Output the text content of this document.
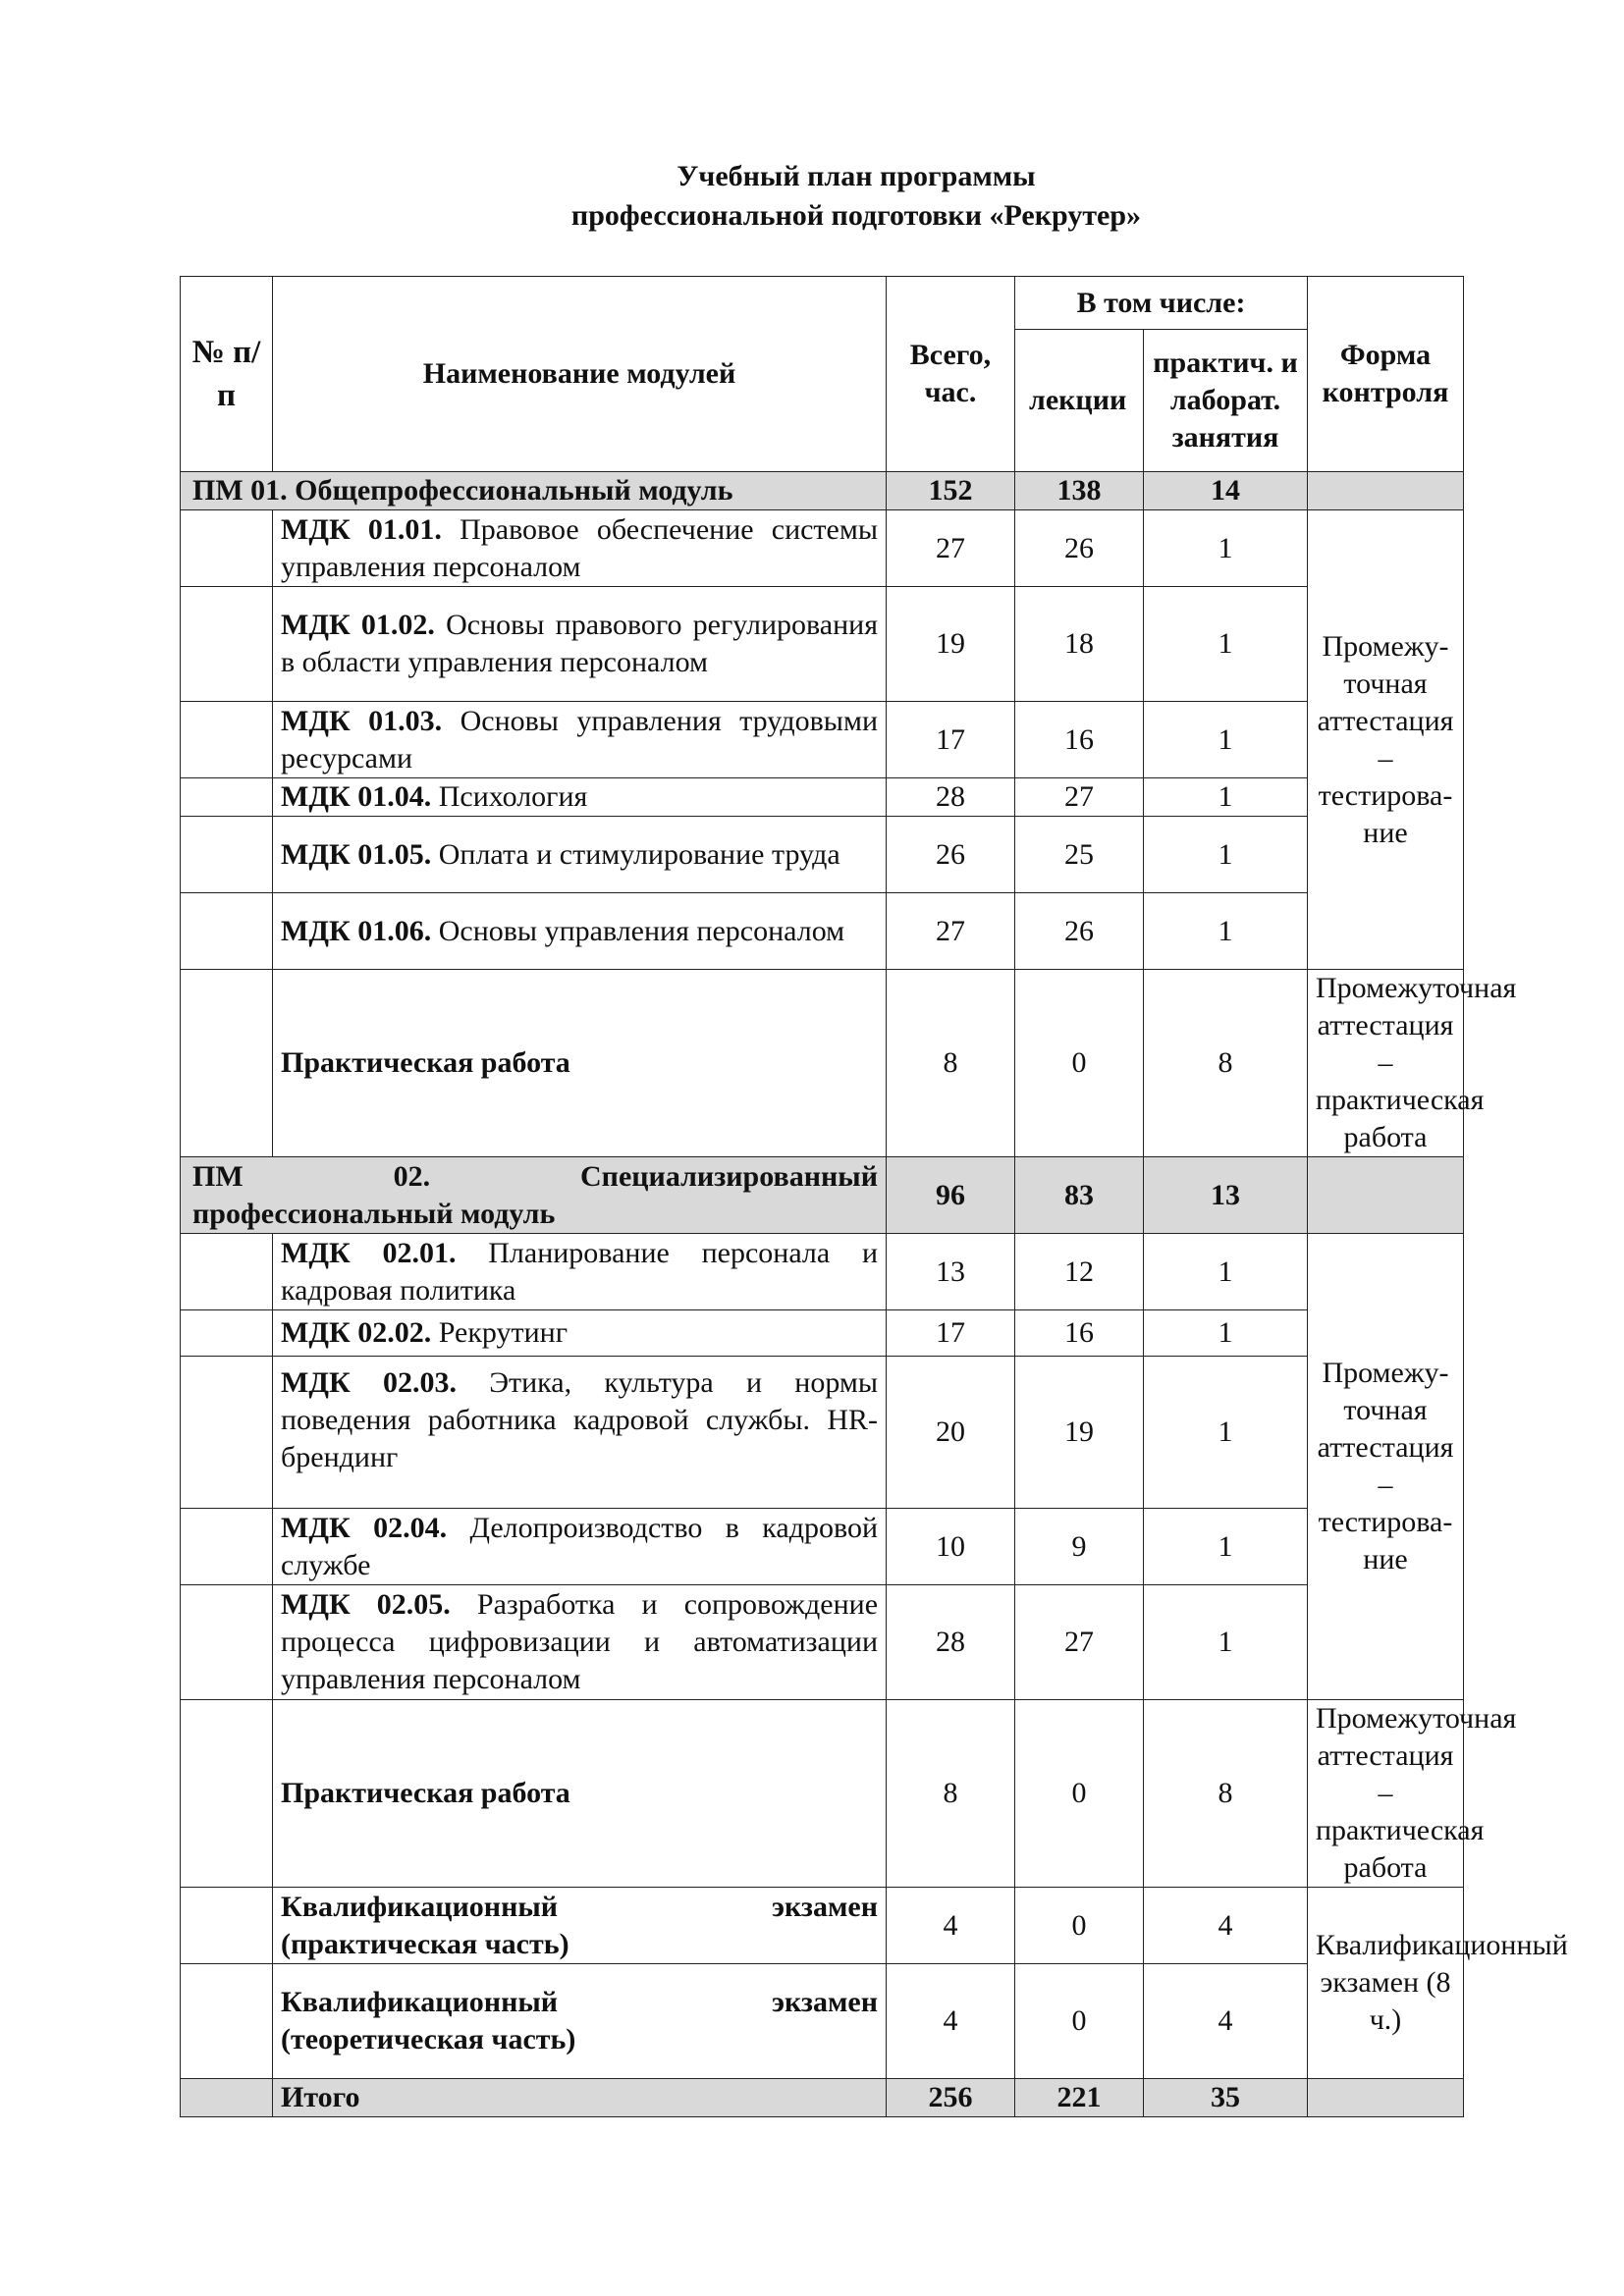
Учебный план программы
профессиональной подготовки «Рекрутер»
№ п/п	Наименование модулей	Всего, час.	В том числе:		Форма контроля
			лекции	практич. и лаборат. занятия	
ПМ 01. Общепрофессиональный модуль		152	138	14	
	МДК 01.01. Правовое обеспечение системы управления персоналом	27	26	1	Промежу-точная аттестация – тестирова-ние
	МДК 01.02. Основы правового регулирования в области управления персоналом	19	18	1	
	МДК 01.03. Основы управления трудовыми ресурсами	17	16	1	
	МДК 01.04. Психология	28	27	1	
	МДК 01.05. Оплата и стимулирование труда	26	25	1	
	МДК 01.06. Основы управления персоналом	27	26	1	
	Практическая работа	8	0	8	Промежуточная аттестация – практическая работа

ПМ 02. Специализированный
профессиональный модуль		96	83	13	
	МДК 02.01. Планирование персонала и кадровая политика	13	12	1	Промежу-точная аттестация – тестирова-ние
	МДК 02.02. Рекрутинг	17	16	1	
	МДК 02.03. Этика, культура и нормы поведения работника кадровой службы. HR-брендинг	20	19	1	
	МДК 02.04. Делопроизводство в кадровой службе	10	9	1	
	МДК 02.05. Разработка и сопровождение процесса цифровизации и автоматизации управления персоналом	28	27	1	
	Практическая работа	8	0	8	Промежуточная аттестация – практическая работа

	Квалификационный экзамен
(практическая часть)	4	0	4	Квалификационный экзамен (8 ч.)

	Квалификационный экзамен
(теоретическая часть)	4	0	4	
	Итого	256	221	35	
